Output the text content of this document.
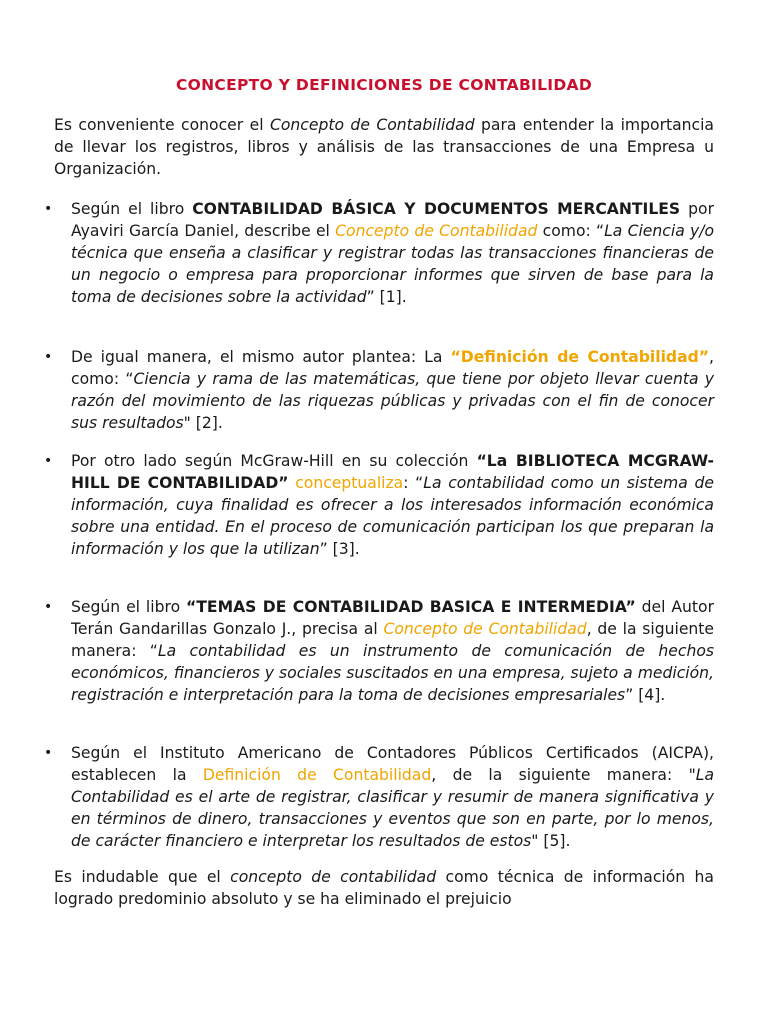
CONCEPTO Y DEFINICIONES DE CONTABILIDAD

Es conveniente conocer el Concepto de Contabilidad para entender la importancia de llevar los registros, libros y análisis de las transacciones de una Empresa u Organización.

• Según el libro CONTABILIDAD BÁSICA Y DOCUMENTOS MERCANTILES por Ayaviri García Daniel, describe el Concepto de Contabilidad como: “La Ciencia y/o técnica que enseña a clasificar y registrar todas las transacciones financieras de un negocio o empresa para proporcionar informes que sirven de base para la toma de decisiones sobre la actividad” [1].
• De igual manera, el mismo autor plantea: La “Definición de Contabilidad”, como: “Ciencia y rama de las matemáticas, que tiene por objeto llevar cuenta y razón del movimiento de las riquezas públicas y privadas con el fin de conocer sus resultados" [2].
• Por otro lado según McGraw-Hill en su colección “La BIBLIOTECA MCGRAW-HILL DE CONTABILIDAD” conceptualiza: “La contabilidad como un sistema de información, cuya finalidad es ofrecer a los interesados información económica sobre una entidad. En el proceso de comunicación participan los que preparan la información y los que la utilizan” [3].
• Según el libro “TEMAS DE CONTABILIDAD BASICA E INTERMEDIA” del Autor Terán Gandarillas Gonzalo J., precisa al Concepto de Contabilidad, de la siguiente manera: “La contabilidad es un instrumento de comunicación de hechos económicos, financieros y sociales suscitados en una empresa, sujeto a medición, registración e interpretación para la toma de decisiones empresariales” [4].
• Según el Instituto Americano de Contadores Públicos Certificados (AICPA), establecen la Definición de Contabilidad, de la siguiente manera: "La Contabilidad es el arte de registrar, clasificar y resumir de manera significativa y en términos de dinero, transacciones y eventos que son en parte, por lo menos, de carácter financiero e interpretar los resultados de estos" [5].

Es indudable que el concepto de contabilidad como técnica de información ha logrado predominio absoluto y se ha eliminado el prejuicio
